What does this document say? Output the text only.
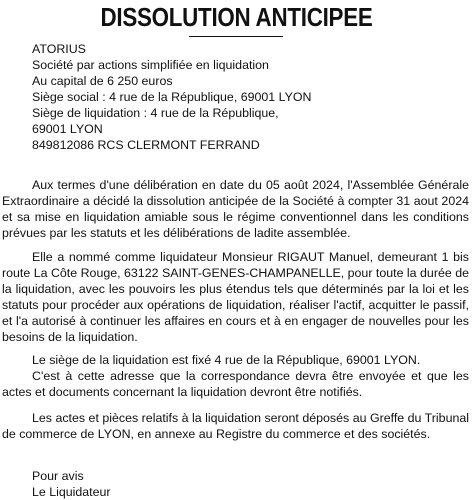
DISSOLUTION ANTICIPEE
ATORIUS
Société par actions simplifiée en liquidation
Au capital de 6 250 euros
Siège social : 4 rue de la République, 69001 LYON
Siège de liquidation : 4 rue de la République,
69001 LYON
849812086 RCS CLERMONT FERRAND

Aux termes d'une délibération en date du 05 août 2024, l'Assemblée Générale Extraordinaire a décidé la dissolution anticipée de la Société à compter 31 aout 2024 et sa mise en liquidation amiable sous le régime conventionnel dans les conditions prévues par les statuts et les délibérations de ladite assemblée.

Elle a nommé comme liquidateur Monsieur RIGAUT Manuel, demeurant 1 bis route La Côte Rouge, 63122 SAINT-GENES-CHAMPANELLE, pour toute la durée de la liquidation, avec les pouvoirs les plus étendus tels que déterminés par la loi et les statuts pour procéder aux opérations de liquidation, réaliser l'actif, acquitter le passif, et l'a autorisé à continuer les affaires en cours et à en engager de nouvelles pour les besoins de la liquidation.

Le siège de la liquidation est fixé 4 rue de la République, 69001 LYON.

C'est à cette adresse que la correspondance devra être envoyée et que les actes et documents concernant la liquidation devront être notifiés.

Les actes et pièces relatifs à la liquidation seront déposés au Greffe du Tribunal de commerce de LYON, en annexe au Registre du commerce et des sociétés.

Pour avis
Le Liquidateur
